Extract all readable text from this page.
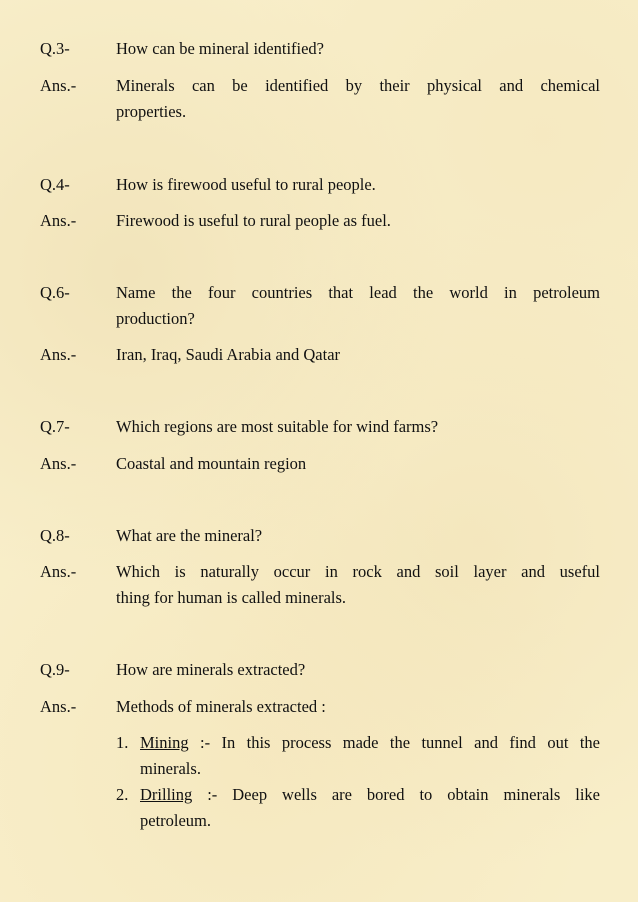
Q.3-	How can be mineral identified?
Ans.-	Minerals can be identified by their physical and chemical
properties.
Q.4-	How is firewood useful to rural people.
Ans.-	Firewood is useful to rural people as fuel.
Q.6-	Name the four countries that lead the world in petroleum
production?
Ans.-	Iran, Iraq, Saudi Arabia and Qatar
Q.7-	Which regions are most suitable for wind farms?
Ans.-	Coastal and mountain region
Q.8-	What are the mineral?
Ans.-	Which is naturally occur in rock and soil layer and useful
thing for human is called minerals.
Q.9-	How are minerals extracted?
Ans.-	Methods of minerals extracted :
1. Mining :- In this process made the tunnel and find out the
minerals.
2. Drilling :- Deep wells are bored to obtain minerals like
petroleum.
